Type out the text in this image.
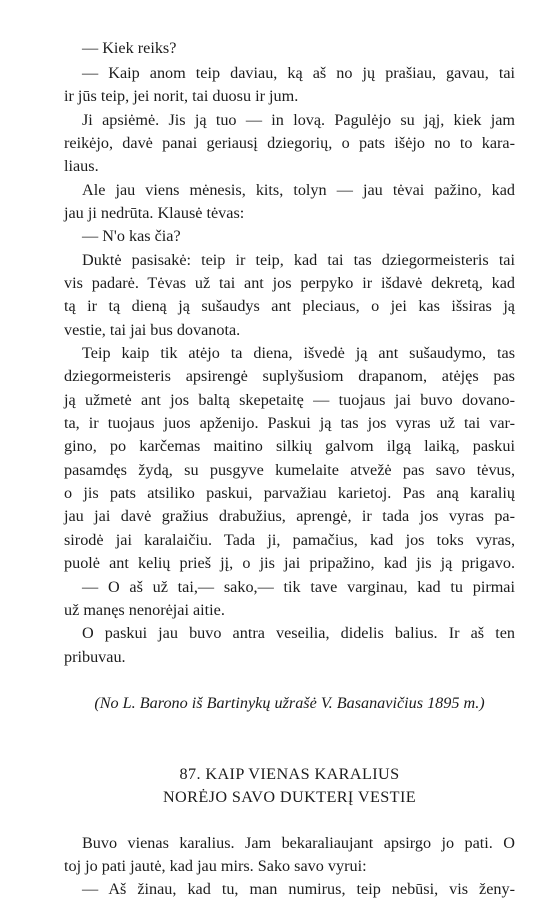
— Kiek reiks?
— Kaip anom teip daviau, ką aš no jų prašiau, gavau, tai
ir jūs teip, jei norit, tai duosu ir jum.
Ji apsiėmė. Jis ją tuo — in lovą. Pagulėjo su jąj, kiek jam
reikėjo, davė panai geriausį dziegorių, o pats išėjo no to kara-
liaus.
Ale jau viens mėnesis, kits, tolyn — jau tėvai pažino, kad
jau ji nedrūta. Klausė tėvas:
— N'o kas čia?
Duktė pasisakė: teip ir teip, kad tai tas dziegormeisteris tai
vis padarė. Tėvas už tai ant jos perpyko ir išdavė dekretą, kad
tą ir tą dieną ją sušaudys ant pleciaus, o jei kas išsiras ją
vestie, tai jai bus dovanota.
Teip kaip tik atėjo ta diena, išvedė ją ant sušaudymo, tas
dziegormeisteris apsirengė suplyšusiom drapanom, atėjęs pas
ją užmetė ant jos baltą skepetaitę — tuojaus jai buvo dovano-
ta, ir tuojaus juos apženijo. Paskui ją tas jos vyras už tai var-
gino, po karčemas maitino silkių galvom ilgą laiką, paskui
pasamdęs žydą, su pusgyve kumelaite atvežė pas savo tėvus,
o jis pats atsiliko paskui, parvažiau karietoj. Pas aną karalių
jau jai davė gražius drabužius, aprengė, ir tada jos vyras pa-
sirodė jai karalaičiu. Tada ji, pamačius, kad jos toks vyras,
puolė ant kelių prieš jį, o jis jai pripažino, kad jis ją prigavo.
— O aš už tai,— sako,— tik tave varginau, kad tu pirmai
už manęs nenorėjai aitie.
O paskui jau buvo antra veseilia, didelis balius. Ir aš ten
pribuvau.
(No L. Barono iš Bartinykų užrašė V. Basanavičius 1895 m.)
87. KAIP VIENAS KARALIUS
NORĖJO SAVO DUKTERĮ VESTIE
Buvo vienas karalius. Jam bekaraliaujant apsirgo jo pati. O
toj jo pati jautė, kad jau mirs. Sako savo vyrui:
— Aš žinau, kad tu, man numirus, teip nebūsi, vis ženy-
